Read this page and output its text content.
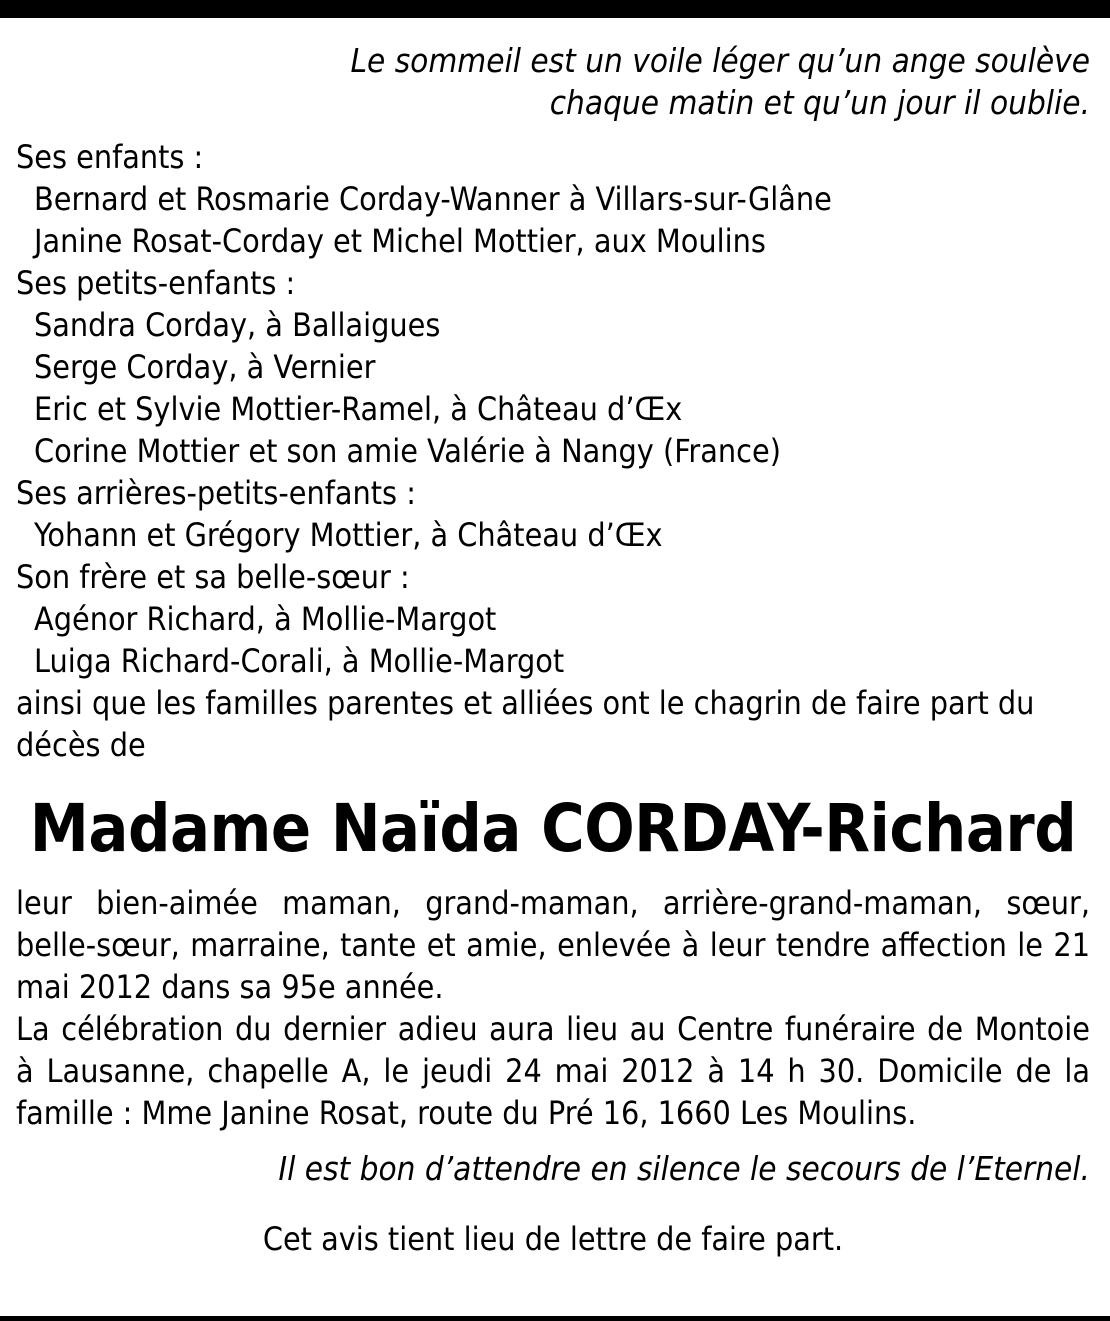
Le sommeil est un voile léger qu’un ange soulève
chaque matin et qu’un jour il oublie.
Ses enfants :
Bernard et Rosmarie Corday-Wanner à Villars-sur-Glâne
Janine Rosat-Corday et Michel Mottier, aux Moulins
Ses petits-enfants :
Sandra Corday, à Ballaigues
Serge Corday, à Vernier
Eric et Sylvie Mottier-Ramel, à Château d’Œx
Corine Mottier et son amie Valérie à Nangy (France)
Ses arrières-petits-enfants :
Yohann et Grégory Mottier, à Château d’Œx
Son frère et sa belle-sœur :
Agénor Richard, à Mollie-Margot
Luiga Richard-Corali, à Mollie-Margot

ainsi que les familles parentes et alliées ont le chagrin de faire part du décès de

Madame Naïda CORDAY-Richard

leur bien-aimée maman, grand-maman, arrière-grand-maman, sœur, belle-sœur, marraine, tante et amie, enlevée à leur tendre affection le 21 mai 2012 dans sa 95e année.

La célébration du dernier adieu aura lieu au Centre funéraire de Montoie à Lausanne, chapelle A, le jeudi 24 mai 2012 à 14 h 30. Domicile de la famille : Mme Janine Rosat, route du Pré 16, 1660 Les Moulins.

Il est bon d’attendre en silence le secours de l’Eternel.
Cet avis tient lieu de lettre de faire part.
